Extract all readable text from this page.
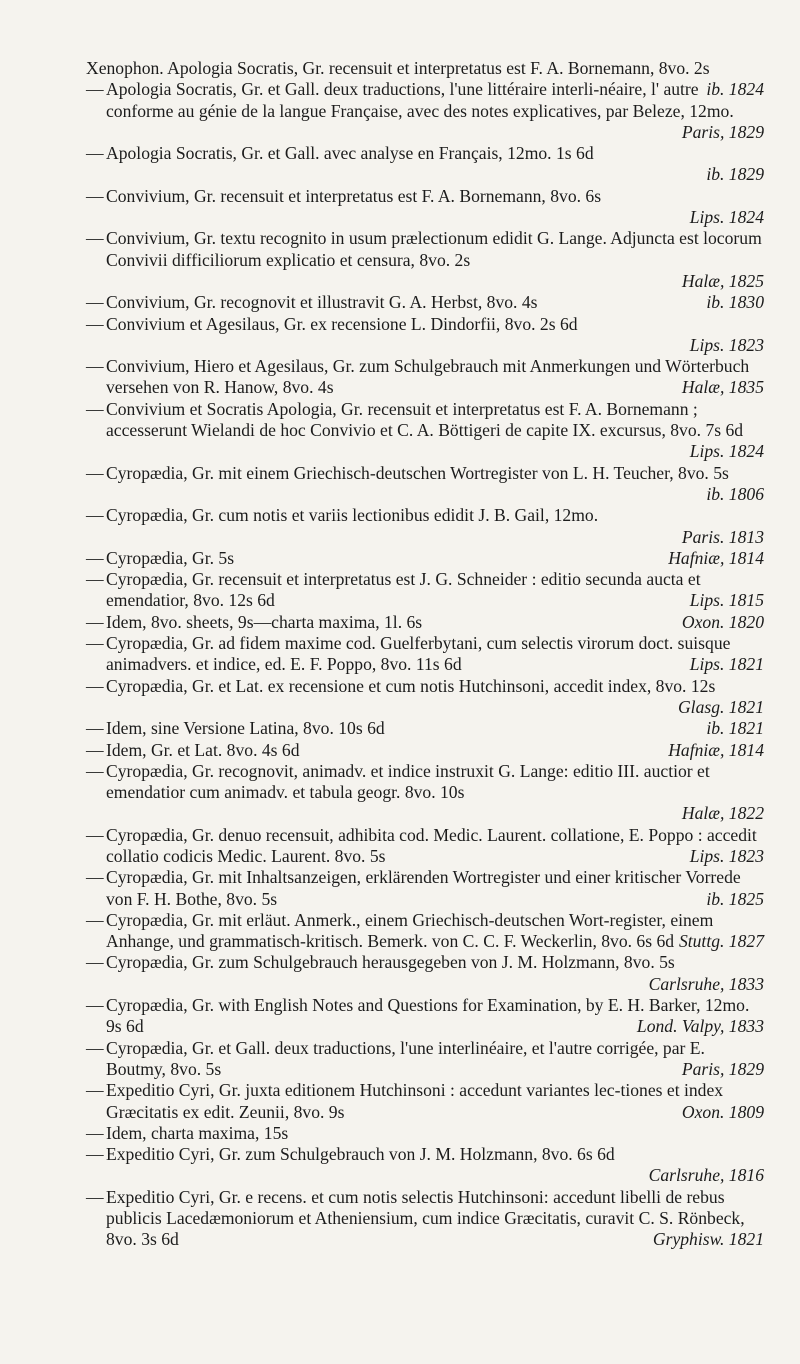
Xenophon. Apologia Socratis, Gr. recensuit et interpretatus est F. A. Bornemann, 8vo. 2s
ib. 1824

— Apologia Socratis, Gr. et Gall. deux traductions, l'une littéraire interli-néaire, l' autre conforme au génie de la langue Française, avec des notes explicatives, par Beleze, 12mo.
Paris, 1829

— Apologia Socratis, Gr. et Gall. avec analyse en Français, 12mo. 1s 6d
ib. 1829

— Convivium, Gr. recensuit et interpretatus est F. A. Bornemann, 8vo. 6s
Lips. 1824

— Convivium, Gr. textu recognito in usum prælectionum edidit G. Lange. Adjuncta est locorum Convivii difficiliorum explicatio et censura, 8vo. 2s
Halæ, 1825

— Convivium, Gr. recognovit et illustravit G. A. Herbst, 8vo. 4s	ib. 1830

— Convivium et Agesilaus, Gr. ex recensione L. Dindorfii, 8vo. 2s 6d
Lips. 1823

— Convivium, Hiero et Agesilaus, Gr. zum Schulgebrauch mit Anmerkungen und Wörterbuch versehen von R. Hanow, 8vo. 4s	Halæ, 1835

— Convivium et Socratis Apologia, Gr. recensuit et interpretatus est F. A. Bornemann ; accesserunt Wielandi de hoc Convivio et C. A. Böttigeri de capite IX. excursus, 8vo. 7s 6d
Lips. 1824

— Cyropædia, Gr. mit einem Griechisch-deutschen Wortregister von L. H. Teucher, 8vo. 5s
ib. 1806

— Cyropædia, Gr. cum notis et variis lectionibus edidit J. B. Gail, 12mo.
Paris. 1813

— Cyropædia, Gr. 5s	Hafniæ, 1814

— Cyropædia, Gr. recensuit et interpretatus est J. G. Schneider : editio secunda aucta et emendatior, 8vo. 12s 6d	Lips. 1815

— Idem, 8vo. sheets, 9s—charta maxima, 1l. 6s	Oxon. 1820

— Cyropædia, Gr. ad fidem maxime cod. Guelferbytani, cum selectis virorum doct. suisque animadvers. et indice, ed. E. F. Poppo, 8vo. 11s 6d	Lips. 1821

— Cyropædia, Gr. et Lat. ex recensione et cum notis Hutchinsoni, accedit index, 8vo. 12s
Glasg. 1821

— Idem, sine Versione Latina, 8vo. 10s 6d	ib. 1821

— Idem, Gr. et Lat. 8vo. 4s 6d	Hafniæ, 1814

— Cyropædia, Gr. recognovit, animadv. et indice instruxit G. Lange: editio III. auctior et emendatior cum animadv. et tabula geogr. 8vo. 10s
Halæ, 1822

— Cyropædia, Gr. denuo recensuit, adhibita cod. Medic. Laurent. collatione, E. Poppo : accedit collatio codicis Medic. Laurent. 8vo. 5s	Lips. 1823

— Cyropædia, Gr. mit Inhaltsanzeigen, erklärenden Wortregister und einer kritischer Vorrede von F. H. Bothe, 8vo. 5s	ib. 1825

— Cyropædia, Gr. mit erläut. Anmerk., einem Griechisch-deutschen Wort-register, einem Anhange, und grammatisch-kritisch. Bemerk. von C. C. F. Weckerlin, 8vo. 6s 6d Stuttg. 1827

— Cyropædia, Gr. zum Schulgebrauch herausgegeben von J. M. Holzmann, 8vo. 5s
Carlsruhe, 1833

— Cyropædia, Gr. with English Notes and Questions for Examination, by E. H. Barker, 12mo. 9s 6d	Lond. Valpy, 1833

— Cyropædia, Gr. et Gall. deux traductions, l'une interlinéaire, et l'autre corrigée, par E. Boutmy, 8vo. 5s	Paris, 1829

— Expeditio Cyri, Gr. juxta editionem Hutchinsoni : accedunt variantes lec-tiones et index Græcitatis ex edit. Zeunii, 8vo. 9s	Oxon. 1809

— Idem, charta maxima, 15s

— Expeditio Cyri, Gr. zum Schulgebrauch von J. M. Holzmann, 8vo. 6s 6d
Carlsruhe, 1816

— Expeditio Cyri, Gr. e recens. et cum notis selectis Hutchinsoni: accedunt libelli de rebus publicis Lacedæmoniorum et Atheniensium, cum indice Græcitatis, curavit C. S. Rönbeck, 8vo. 3s 6d	Gryphisw. 1821
